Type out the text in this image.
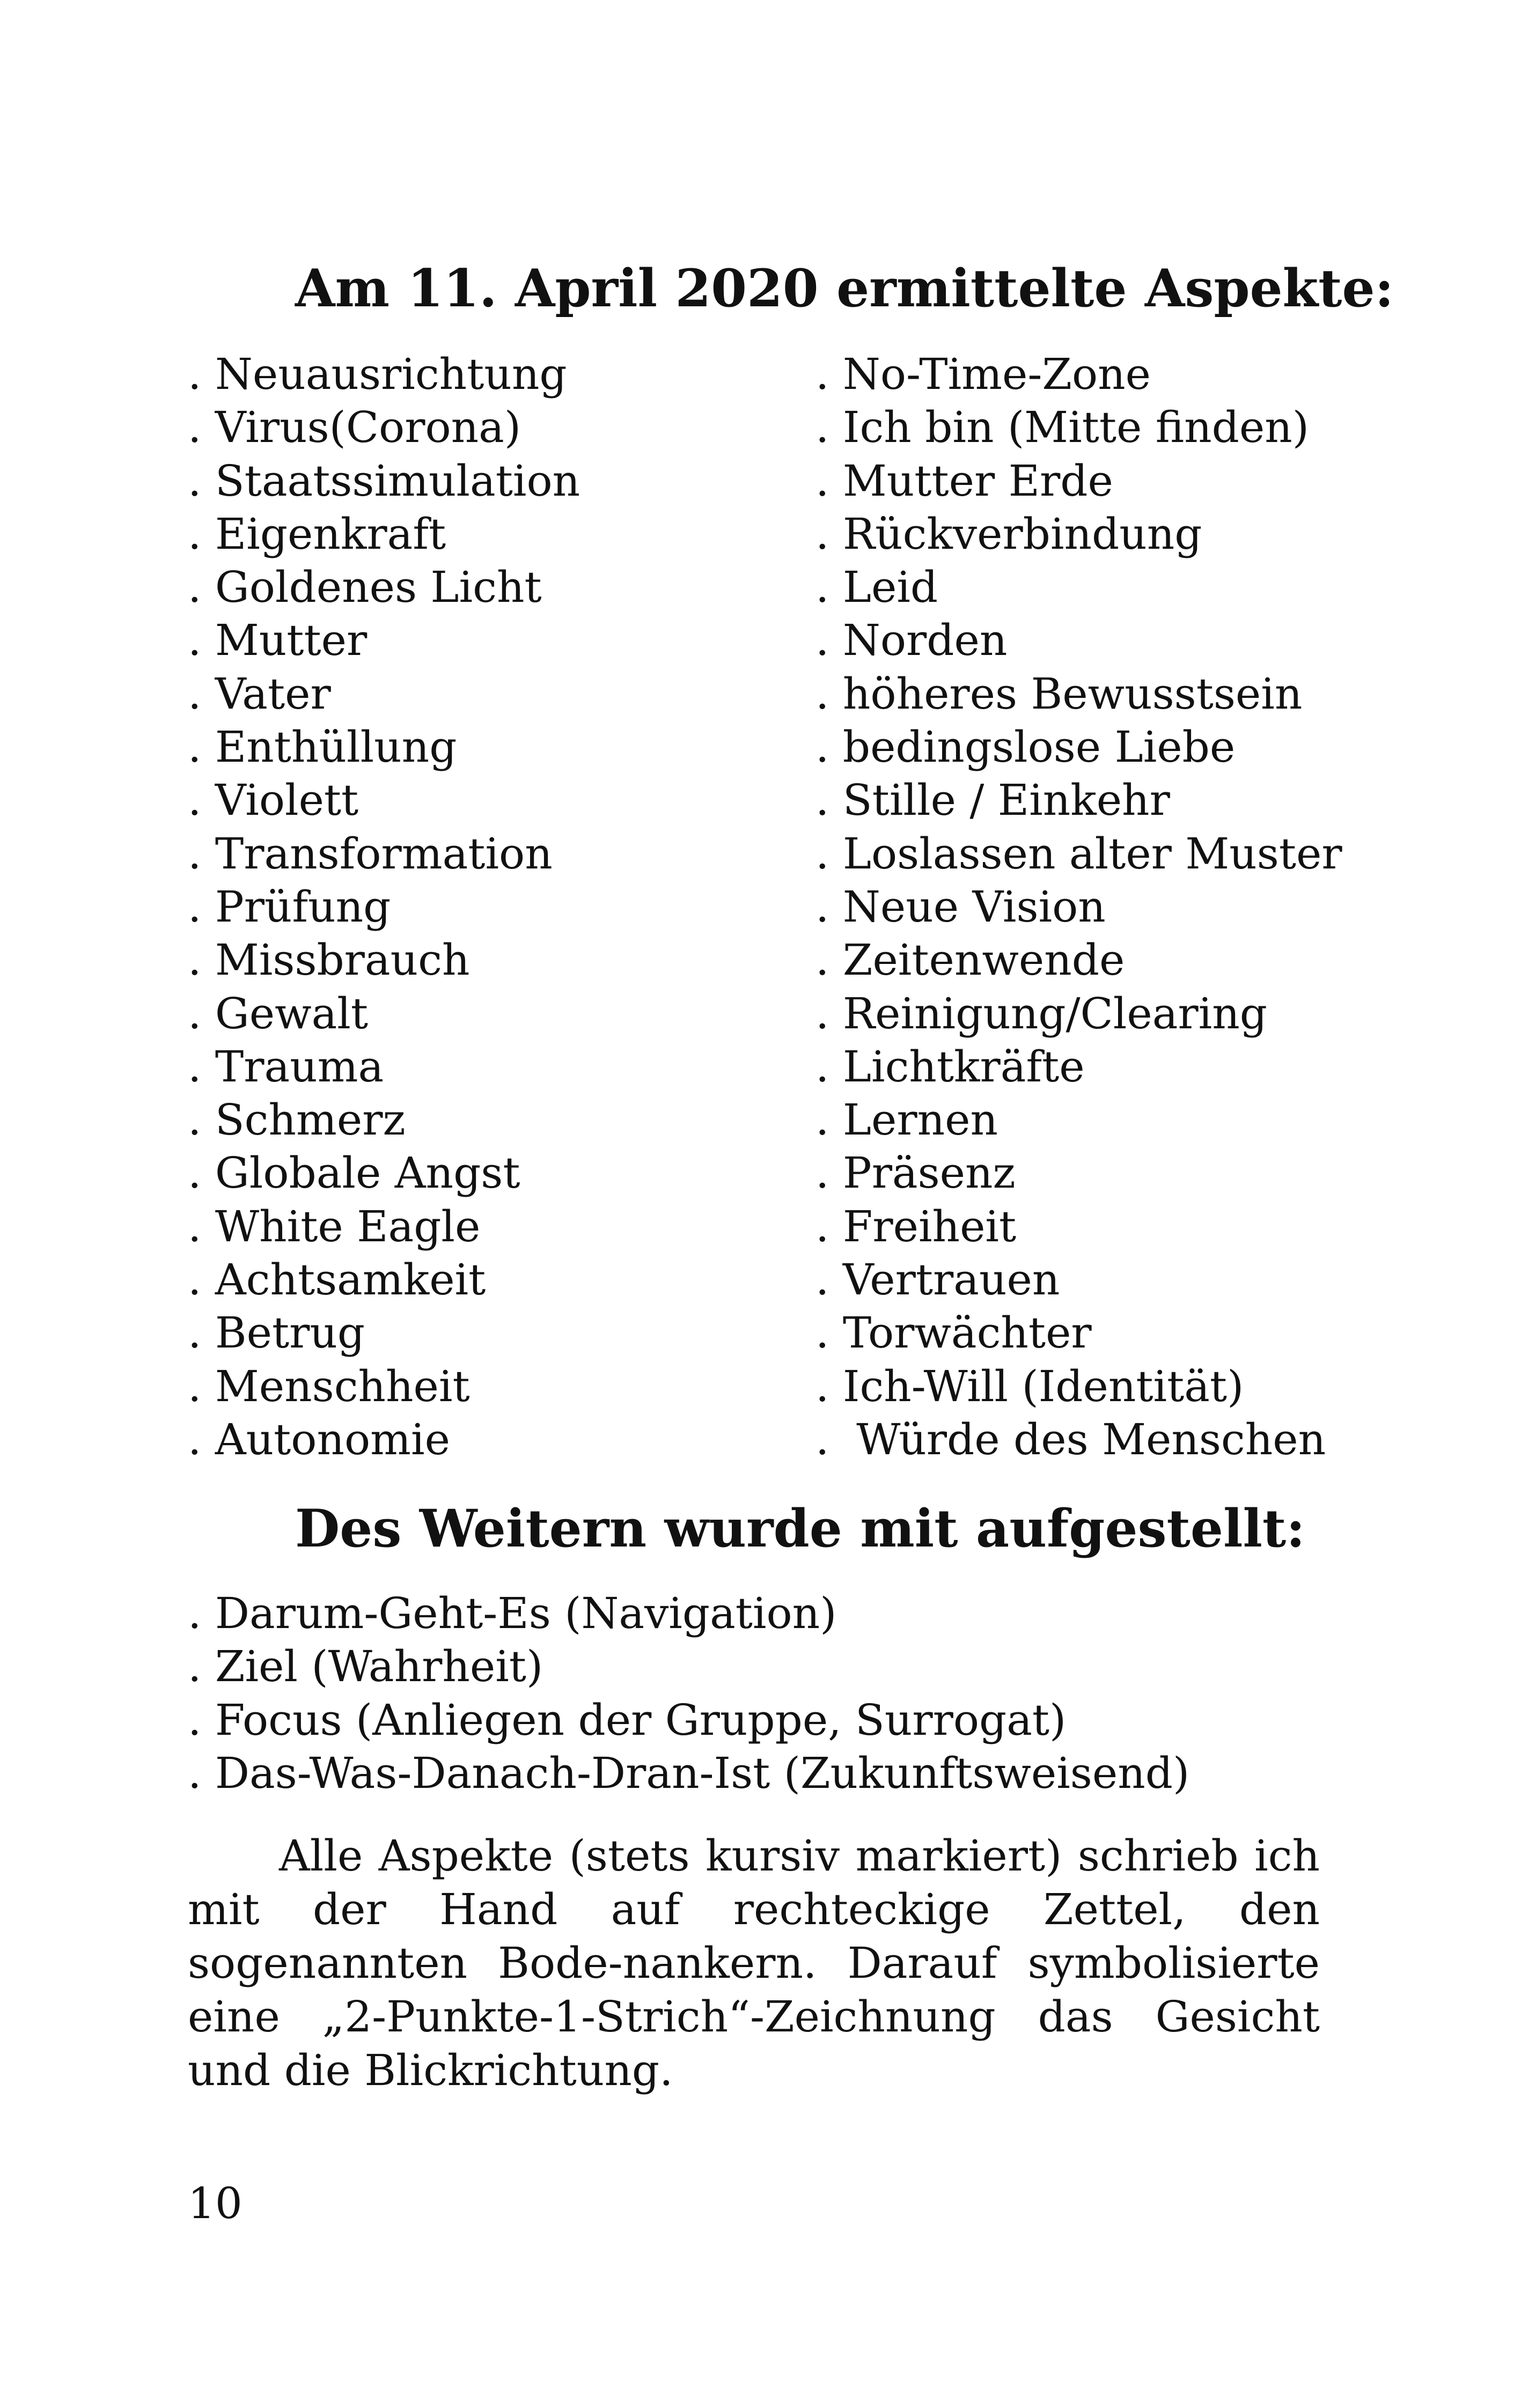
Am 11. April 2020 ermittelte Aspekte:
. Neuausrichtung
. Virus(Corona)
. Staatssimulation
. Eigenkraft
. Goldenes Licht
. Mutter
. Vater
. Enthüllung
. Violett
. Transformation
. Prüfung
. Missbrauch
. Gewalt
. Trauma
. Schmerz
. Globale Angst
. White Eagle
. Achtsamkeit
. Betrug
. Menschheit
. Autonomie
. No-Time-Zone
. Ich bin (Mitte finden)
. Mutter Erde
. Rückverbindung
. Leid
. Norden
. höheres Bewusstsein
. bedingslose Liebe
. Stille / Einkehr
. Loslassen alter Muster
. Neue Vision
. Zeitenwende
. Reinigung/Clearing
. Lichtkräfte
. Lernen
. Präsenz
. Freiheit
. Vertrauen
. Torwächter
. Ich-Will (Identität)
.  Würde des Menschen
Des Weitern wurde mit aufgestellt:
. Darum-Geht-Es (Navigation)
. Ziel (Wahrheit)
. Focus (Anliegen der Gruppe, Surrogat)
. Das-Was-Danach-Dran-Ist (Zukunftsweisend)

Alle Aspekte (stets kursiv markiert) schrieb ich mit der Hand auf rechteckige Zettel, den sogenannten Bode-nankern. Darauf symbolisierte eine „2-Punkte-1-Strich“-Zeichnung das Gesicht und die Blickrichtung.

10
